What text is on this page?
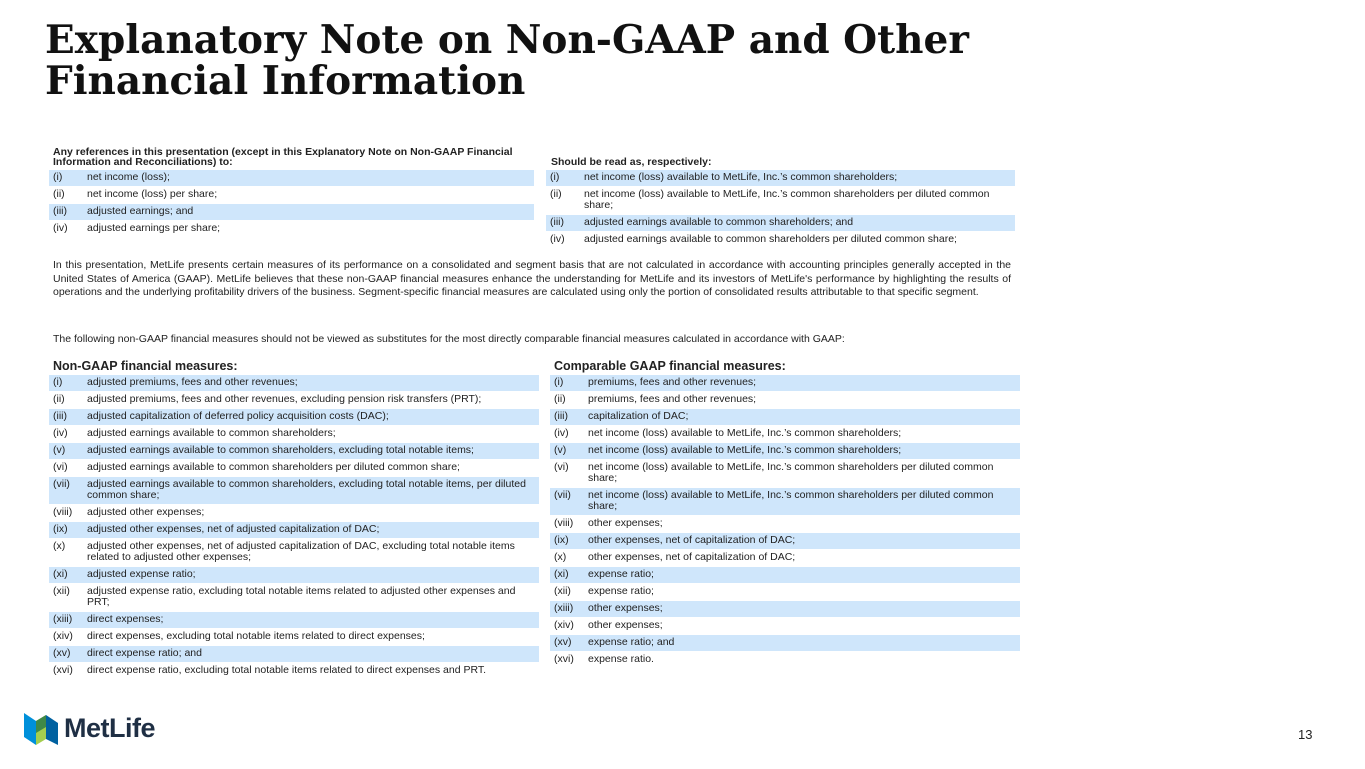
Explanatory Note on Non-GAAP and Other
Financial Information
Any references in this presentation (except in this Explanatory Note on Non-GAAP Financial Information and Reconciliations) to:	Should be read as, respectively:
(i)	net income (loss);

(ii)	net income (loss) per share;

(iii)	adjusted earnings; and

(iv)	adjusted earnings per share;
(i)	net income (loss) available to MetLife, Inc.’s common shareholders;

(ii)	net income (loss) available to MetLife, Inc.’s common shareholders per diluted common share;

(iii)	adjusted earnings available to common shareholders; and

(iv)	adjusted earnings available to common shareholders per diluted common share;

In this presentation, MetLife presents certain measures of its performance on a consolidated and segment basis that are not calculated in accordance with accounting principles generally accepted in the United States of America (GAAP). MetLife believes that these non-GAAP financial measures enhance the understanding for MetLife and its investors of MetLife's performance by highlighting the results of operations and the underlying profitability drivers of the business. Segment-specific financial measures are calculated using only the portion of consolidated results attributable to that specific segment.

The following non-GAAP financial measures should not be viewed as substitutes for the most directly comparable financial measures calculated in accordance with GAAP:

Non-GAAP financial measures:	Comparable GAAP financial measures:
(i)	adjusted premiums, fees and other revenues;

(ii)	adjusted premiums, fees and other revenues, excluding pension risk transfers (PRT);

(iii)	adjusted capitalization of deferred policy acquisition costs (DAC);

(iv)	adjusted earnings available to common shareholders;

(v)	adjusted earnings available to common shareholders, excluding total notable items;

(vi)	adjusted earnings available to common shareholders per diluted common share;

(vii)	adjusted earnings available to common shareholders, excluding total notable items, per diluted common share;

(viii)	adjusted other expenses;

(ix)	adjusted other expenses, net of adjusted capitalization of DAC;

(x)	adjusted other expenses, net of adjusted capitalization of DAC, excluding total notable items related to adjusted other expenses;

(xi)	adjusted expense ratio;

(xii)	adjusted expense ratio, excluding total notable items related to adjusted other expenses and PRT;

(xiii)	direct expenses;

(xiv)	direct expenses, excluding total notable items related to direct expenses;

(xv)	direct expense ratio; and

(xvi)	direct expense ratio, excluding total notable items related to direct expenses and PRT.
(i)	premiums, fees and other revenues;

(ii)	premiums, fees and other revenues;

(iii)	capitalization of DAC;

(iv)	net income (loss) available to MetLife, Inc.’s common shareholders;

(v)	net income (loss) available to MetLife, Inc.’s common shareholders;

(vi)	net income (loss) available to MetLife, Inc.’s common shareholders per diluted common share;

(vii)	net income (loss) available to MetLife, Inc.’s common shareholders per diluted common share;

(viii)	other expenses;

(ix)	other expenses, net of capitalization of DAC;

(x)	other expenses, net of capitalization of DAC;

(xi)	expense ratio;

(xii)	expense ratio;

(xiii)	other expenses;

(xiv)	other expenses;

(xv)	expense ratio; and

(xvi)	expense ratio.
MetLife	13
